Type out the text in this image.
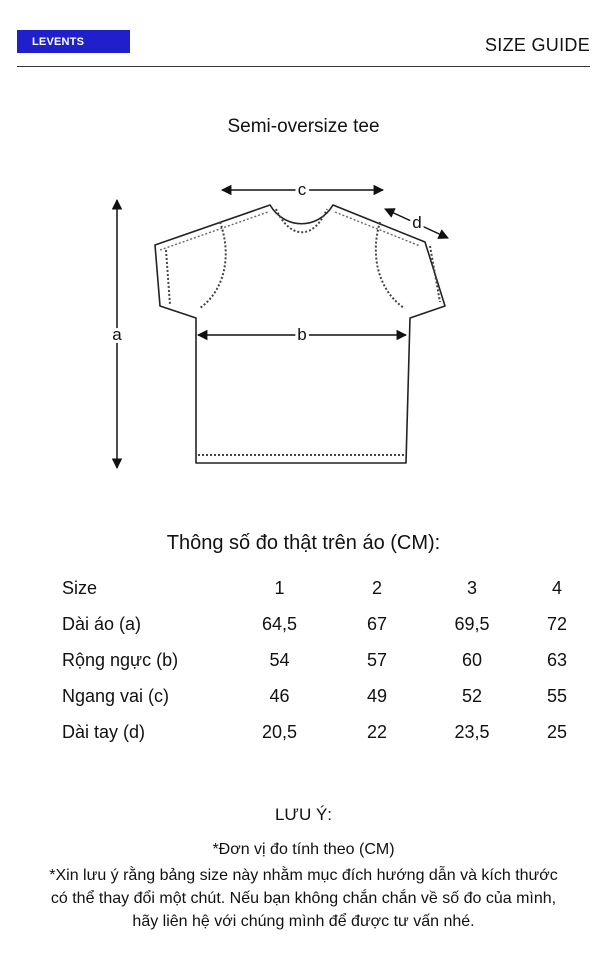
LEVENTS	SIZE GUIDE
Semi-oversize tee
c
d
a	b
Thông số đo thật trên áo (CM):
Size	1	2	3	4
Dài áo (a)	64,5	67	69,5	72
Rộng ngực (b)	54	57	60	63
Ngang vai (c)	46	49	52	55
Dài tay (d)	20,5	22	23,5	25
LƯU Ý:
*Đơn vị đo tính theo (CM)
*Xin lưu ý rằng bảng size này nhằm mục đích hướng dẫn và kích thước có thể thay đổi một chút. Nếu bạn không chắn chắn về số đo của mình, hãy liên hệ với chúng mình để được tư vấn nhé.
